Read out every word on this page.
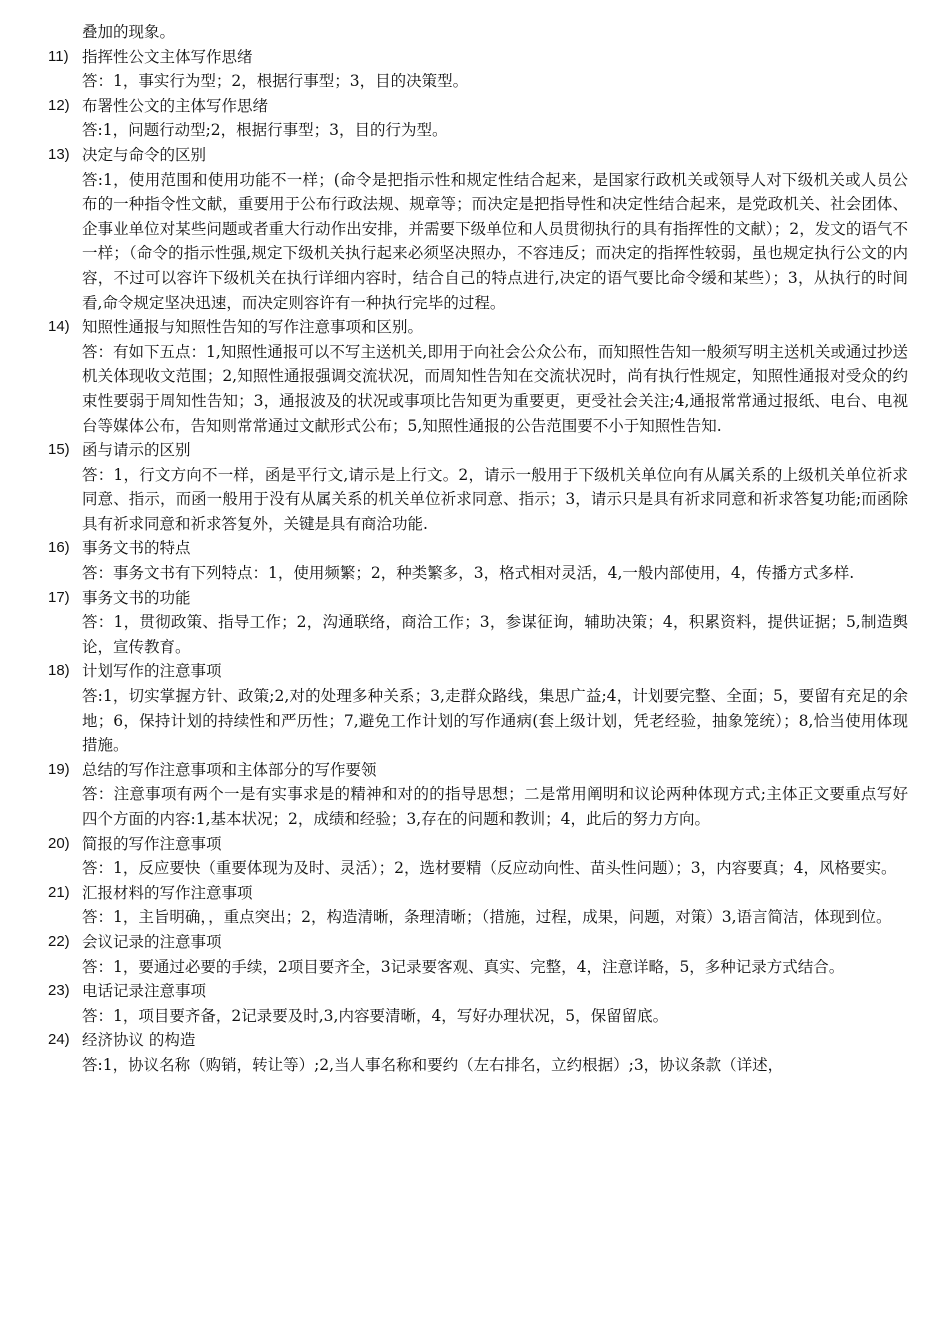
叠加的现象。
11) 指挥性公文主体写作思绪
答：1，事实行为型；2，根据行事型；3，目的决策型。
12) 布署性公文的主体写作思绪
答:1，问题行动型;2，根据行事型；3，目的行为型。
13) 决定与命令的区别
答:1，使用范围和使用功能不一样；(命令是把指示性和规定性结合起来，是国家行政机关或领导人对下级机关或人员公布的一种指令性文献，重要用于公布行政法规、规章等；而决定是把指导性和决定性结合起来，是党政机关、社会团体、企事业单位对某些问题或者重大行动作出安排，并需要下级单位和人员贯彻执行的具有指挥性的文献）；2，发文的语气不一样；（命令的指示性强,规定下级机关执行起来必须坚决照办，不容违反；而决定的指挥性较弱，虽也规定执行公文的内容，不过可以容许下级机关在执行详细内容时，结合自己的特点进行,决定的语气要比命令缓和某些）；3，从执行的时间看,命令规定坚决迅速，而决定则容许有一种执行完毕的过程。
14) 知照性通报与知照性告知的写作注意事项和区别。
答：有如下五点：1,知照性通报可以不写主送机关,即用于向社会公众公布，而知照性告知一般须写明主送机关或通过抄送机关体现收文范围；2,知照性通报强调交流状况，而周知性告知在交流状况时，尚有执行性规定，知照性通报对受众的约束性要弱于周知性告知；3，通报波及的状况或事项比告知更为重要更，更受社会关注;4,通报常常通过报纸、电台、电视台等媒体公布，告知则常常通过文献形式公布；5,知照性通报的公告范围要不小于知照性告知.
15) 函与请示的区别
答：1，行文方向不一样，函是平行文,请示是上行文。2，请示一般用于下级机关单位向有从属关系的上级机关单位祈求同意、指示，而函一般用于没有从属关系的机关单位祈求同意、指示；3，请示只是具有祈求同意和祈求答复功能;而函除具有祈求同意和祈求答复外，关键是具有商洽功能.
16) 事务文书的特点
答：事务文书有下列特点：1，使用频繁；2，种类繁多，3，格式相对灵活，4,一般内部使用，4，传播方式多样.
17) 事务文书的功能
答：1，贯彻政策、指导工作；2，沟通联络，商洽工作；3，参谋征询，辅助决策；4，积累资料，提供证据；5,制造舆论，宣传教育。
18) 计划写作的注意事项
答:1，切实掌握方针、政策;2,对的处理多种关系；3,走群众路线，集思广益;4，计划要完整、全面；5，要留有充足的余地；6，保持计划的持续性和严历性；7,避免工作计划的写作通病(套上级计划，凭老经验，抽象笼统）；8,恰当使用体现措施。
19) 总结的写作注意事项和主体部分的写作要领
答：注意事项有两个一是有实事求是的精神和对的的指导思想；二是常用阐明和议论两种体现方式;主体正文要重点写好四个方面的内容:1,基本状况；2，成绩和经验；3,存在的问题和教训；4，此后的努力方向。
20) 简报的写作注意事项
答：1，反应要快（重要体现为及时、灵活）；2，选材要精（反应动向性、苗头性问题）；3，内容要真；4，风格要实。
21) 汇报材料的写作注意事项
答：1，主旨明确，，重点突出；2，构造清晰，条理清晰；（措施，过程，成果，问题，对策）3,语言简洁，体现到位。
22) 会议记录的注意事项
答：1，要通过必要的手续，2项目要齐全，3记录要客观、真实、完整，4，注意详略，5，多种记录方式结合。
23) 电话记录注意事项
答：1，项目要齐备，2记录要及时,3,内容要清晰，4，写好办理状况，5，保留留底。
24) 经济协议 的构造
答:1，协议名称（购销，转让等）;2,当人事名称和要约（左右排名，立约根据）;3，协议条款（详述，
